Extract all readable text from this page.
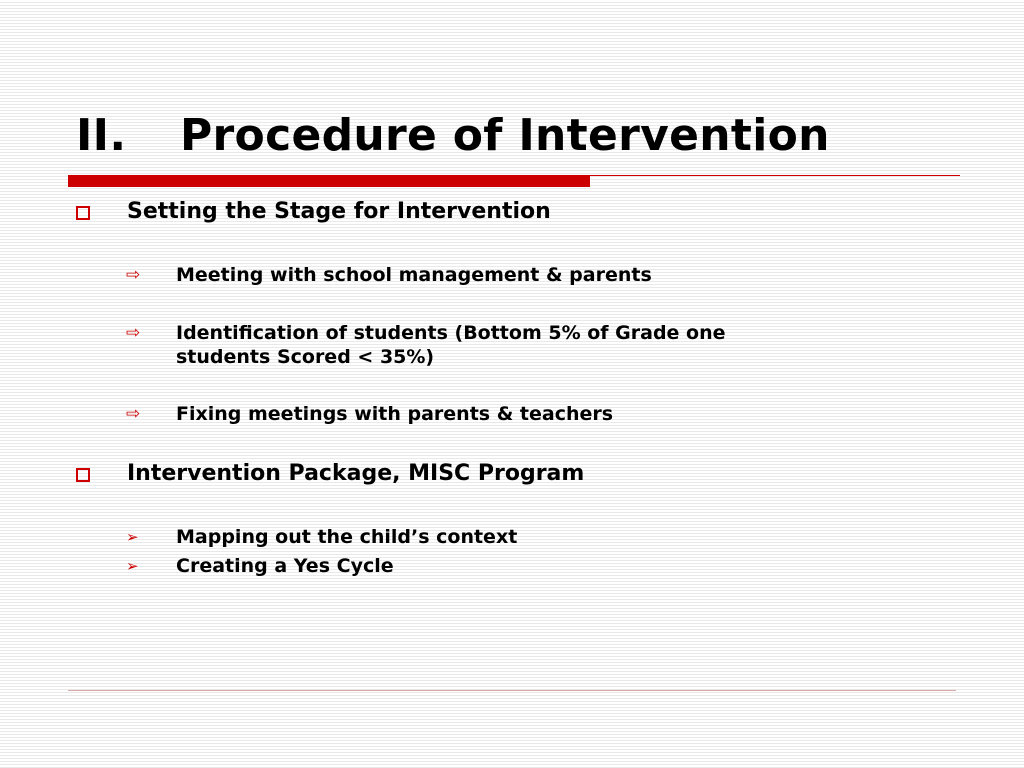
II. Procedure of Intervention
Setting the Stage for Intervention
⇨ Meeting with school management & parents
⇨ Identification of students (Bottom 5% of Grade one
students Scored < 35%)
⇨ Fixing meetings with parents & teachers
Intervention Package, MISC Program
➢ Mapping out the child’s context
➢ Creating a Yes Cycle
